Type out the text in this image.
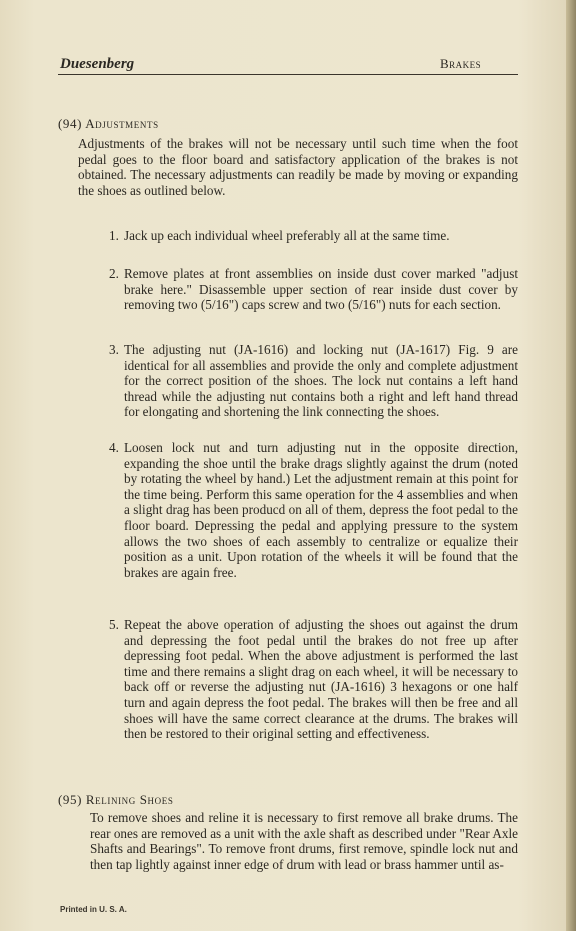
Duesenberg	Brakes
(94) Adjustments
Adjustments of the brakes will not be necessary until such time when the foot pedal goes to the floor board and satisfactory application of the brakes is not obtained. The necessary adjustments can readily be made by moving or expanding the shoes as outlined below.
1. Jack up each individual wheel preferably all at the same time.
2. Remove plates at front assemblies on inside dust cover marked "adjust brake here." Disassemble upper section of rear inside dust cover by removing two (5/16") caps screw and two (5/16") nuts for each section.
3. The adjusting nut (JA-1616) and locking nut (JA-1617) Fig. 9 are identical for all assemblies and provide the only and complete adjustment for the correct position of the shoes. The lock nut contains a left hand thread while the adjusting nut contains both a right and left hand thread for elongating and shortening the link connecting the shoes.
4. Loosen lock nut and turn adjusting nut in the opposite direction, expanding the shoe until the brake drags slightly against the drum (noted by rotating the wheel by hand.) Let the adjustment remain at this point for the time being. Perform this same operation for the 4 assemblies and when a slight drag has been producd on all of them, depress the foot pedal to the floor board. Depressing the pedal and applying pressure to the system allows the two shoes of each assembly to centralize or equalize their position as a unit. Upon rotation of the wheels it will be found that the brakes are again free.
5. Repeat the above operation of adjusting the shoes out against the drum and depressing the foot pedal until the brakes do not free up after depressing foot pedal. When the above adjustment is performed the last time and there remains a slight drag on each wheel, it will be necessary to back off or reverse the adjusting nut (JA-1616) 3 hexagons or one half turn and again depress the foot pedal. The brakes will then be free and all shoes will have the same correct clearance at the drums. The brakes will then be restored to their original setting and effectiveness.
(95) Relining Shoes
To remove shoes and reline it is necessary to first remove all brake drums. The rear ones are removed as a unit with the axle shaft as described under "Rear Axle Shafts and Bearings". To remove front drums, first remove, spindle lock nut and then tap lightly against inner edge of drum with lead or brass hammer until as-
Printed in U. S. A.
